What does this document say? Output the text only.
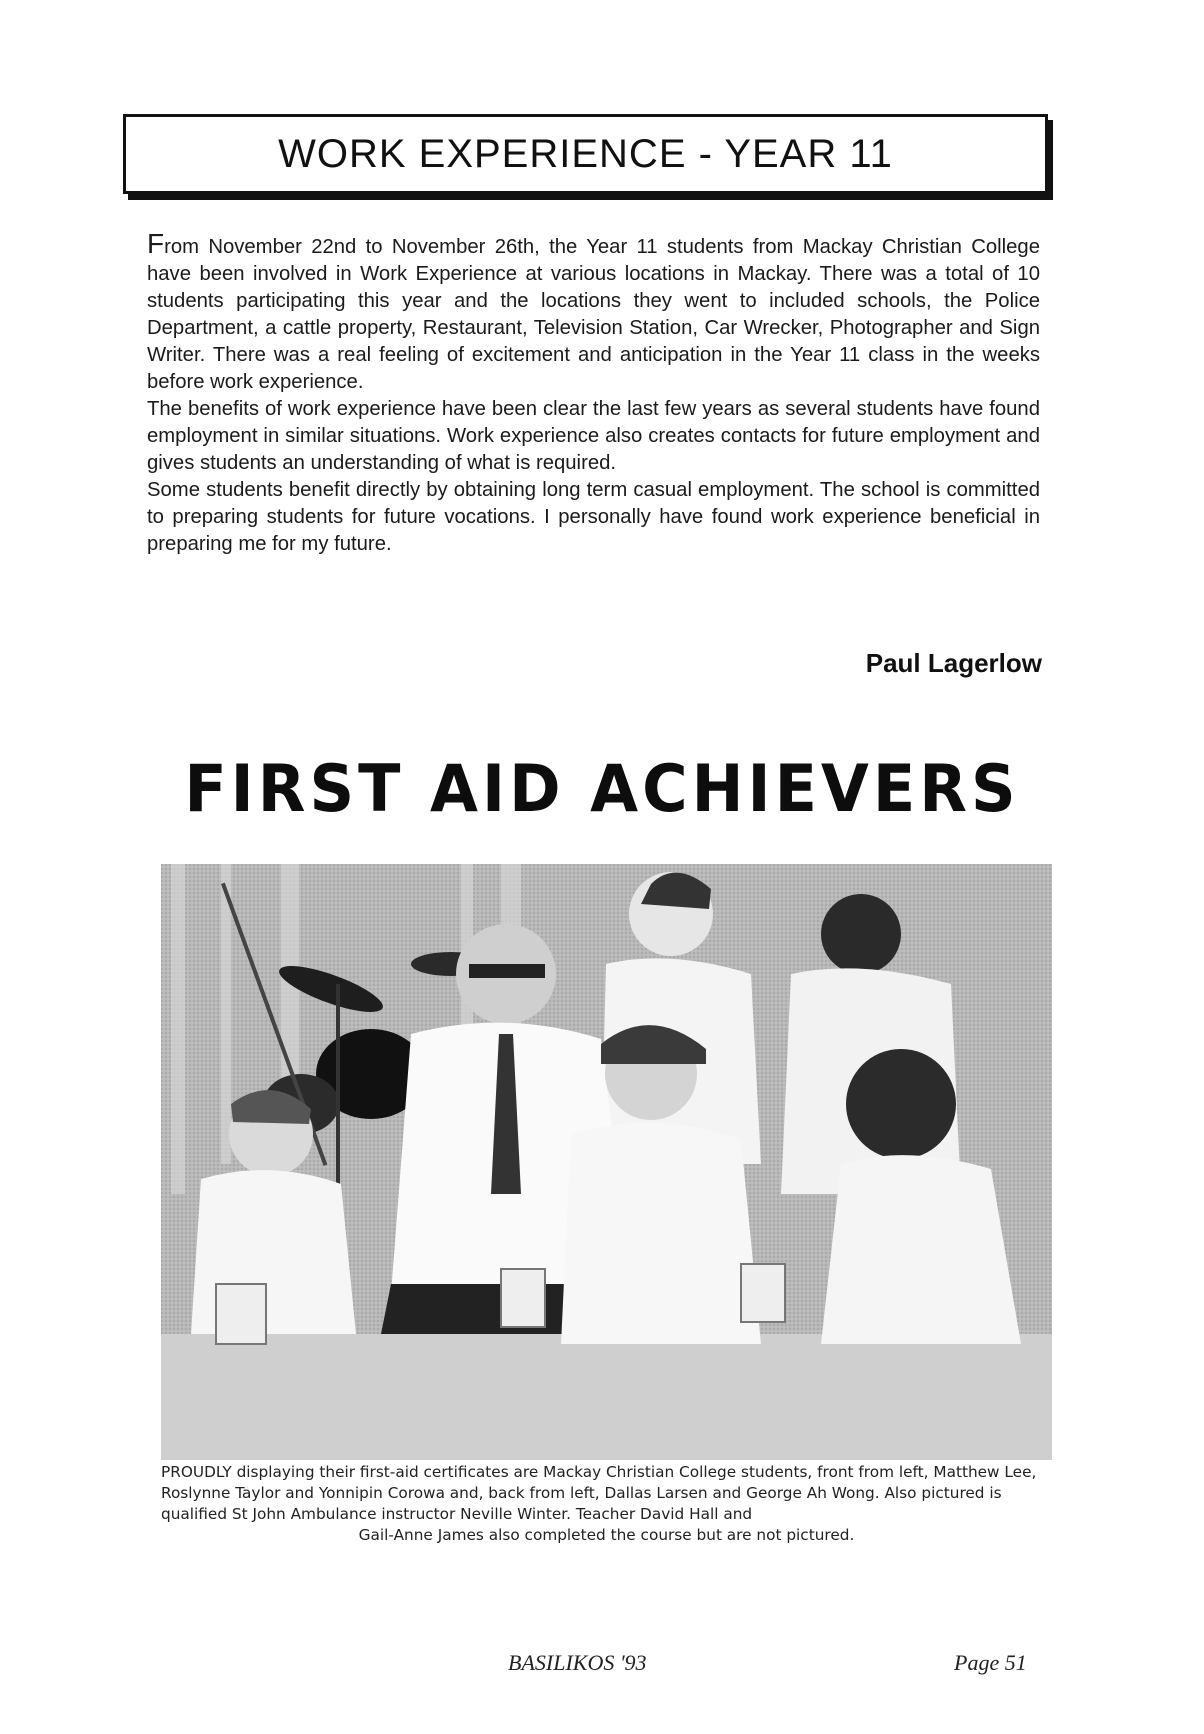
WORK EXPERIENCE - YEAR 11

From November 22nd to November 26th, the Year 11 students from Mackay Christian College have been involved in Work Experience at various locations in Mackay. There was a total of 10 students participating this year and the locations they went to included schools, the Police Department, a cattle property, Restaurant, Television Station, Car Wrecker, Photographer and Sign Writer. There was a real feeling of excitement and anticipation in the Year 11 class in the weeks before work experience.

The benefits of work experience have been clear the last few years as several students have found employment in similar situations. Work experience also creates contacts for future employment and gives students an understanding of what is required.

Some students benefit directly by obtaining long term casual employment. The school is committed to preparing students for future vocations. I personally have found work experience beneficial in preparing me for my future.

Paul Lagerlow
FIRST AID ACHIEVERS
PROUDLY displaying their first-aid certificates are Mackay Christian College students, front from left, Matthew Lee, Roslynne Taylor and Yonnipin Corowa and, back from left, Dallas Larsen and George Ah Wong. Also pictured is qualified St John Ambulance instructor Neville Winter. Teacher David Hall and
Gail-Anne James also completed the course but are not pictured.
BASILIKOS '93	Page 51
